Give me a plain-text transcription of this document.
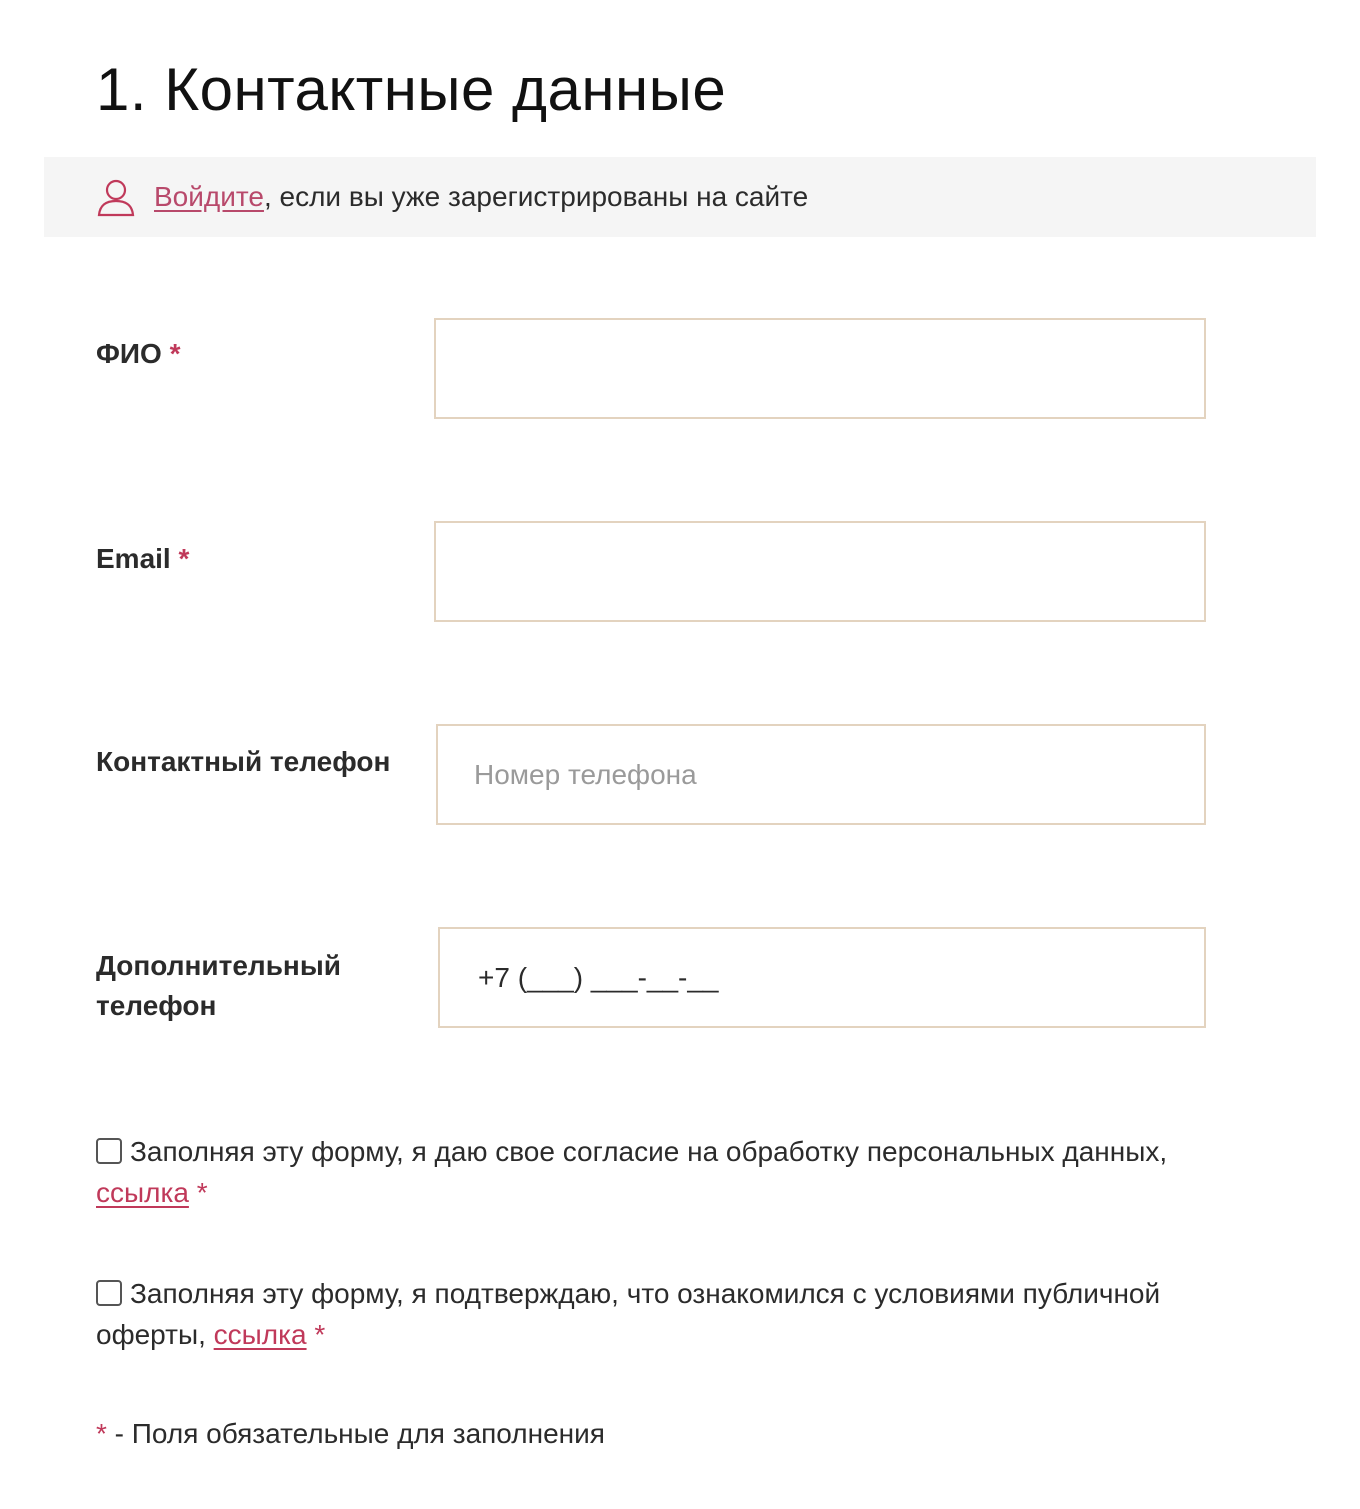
1. Контактные данные
Войдите , если вы уже зарегистрированы на сайте
ФИО *
Email *
Контактный телефон
Номер телефона
Дополнительный
телефон
+7 (___) ___-__-__
Заполняя эту форму, я даю свое согласие на обработку персональных данных,
ссылка *
Заполняя эту форму, я подтверждаю, что ознакомился с условиями публичной оферты, ссылка *
* - Поля обязательные для заполнения
